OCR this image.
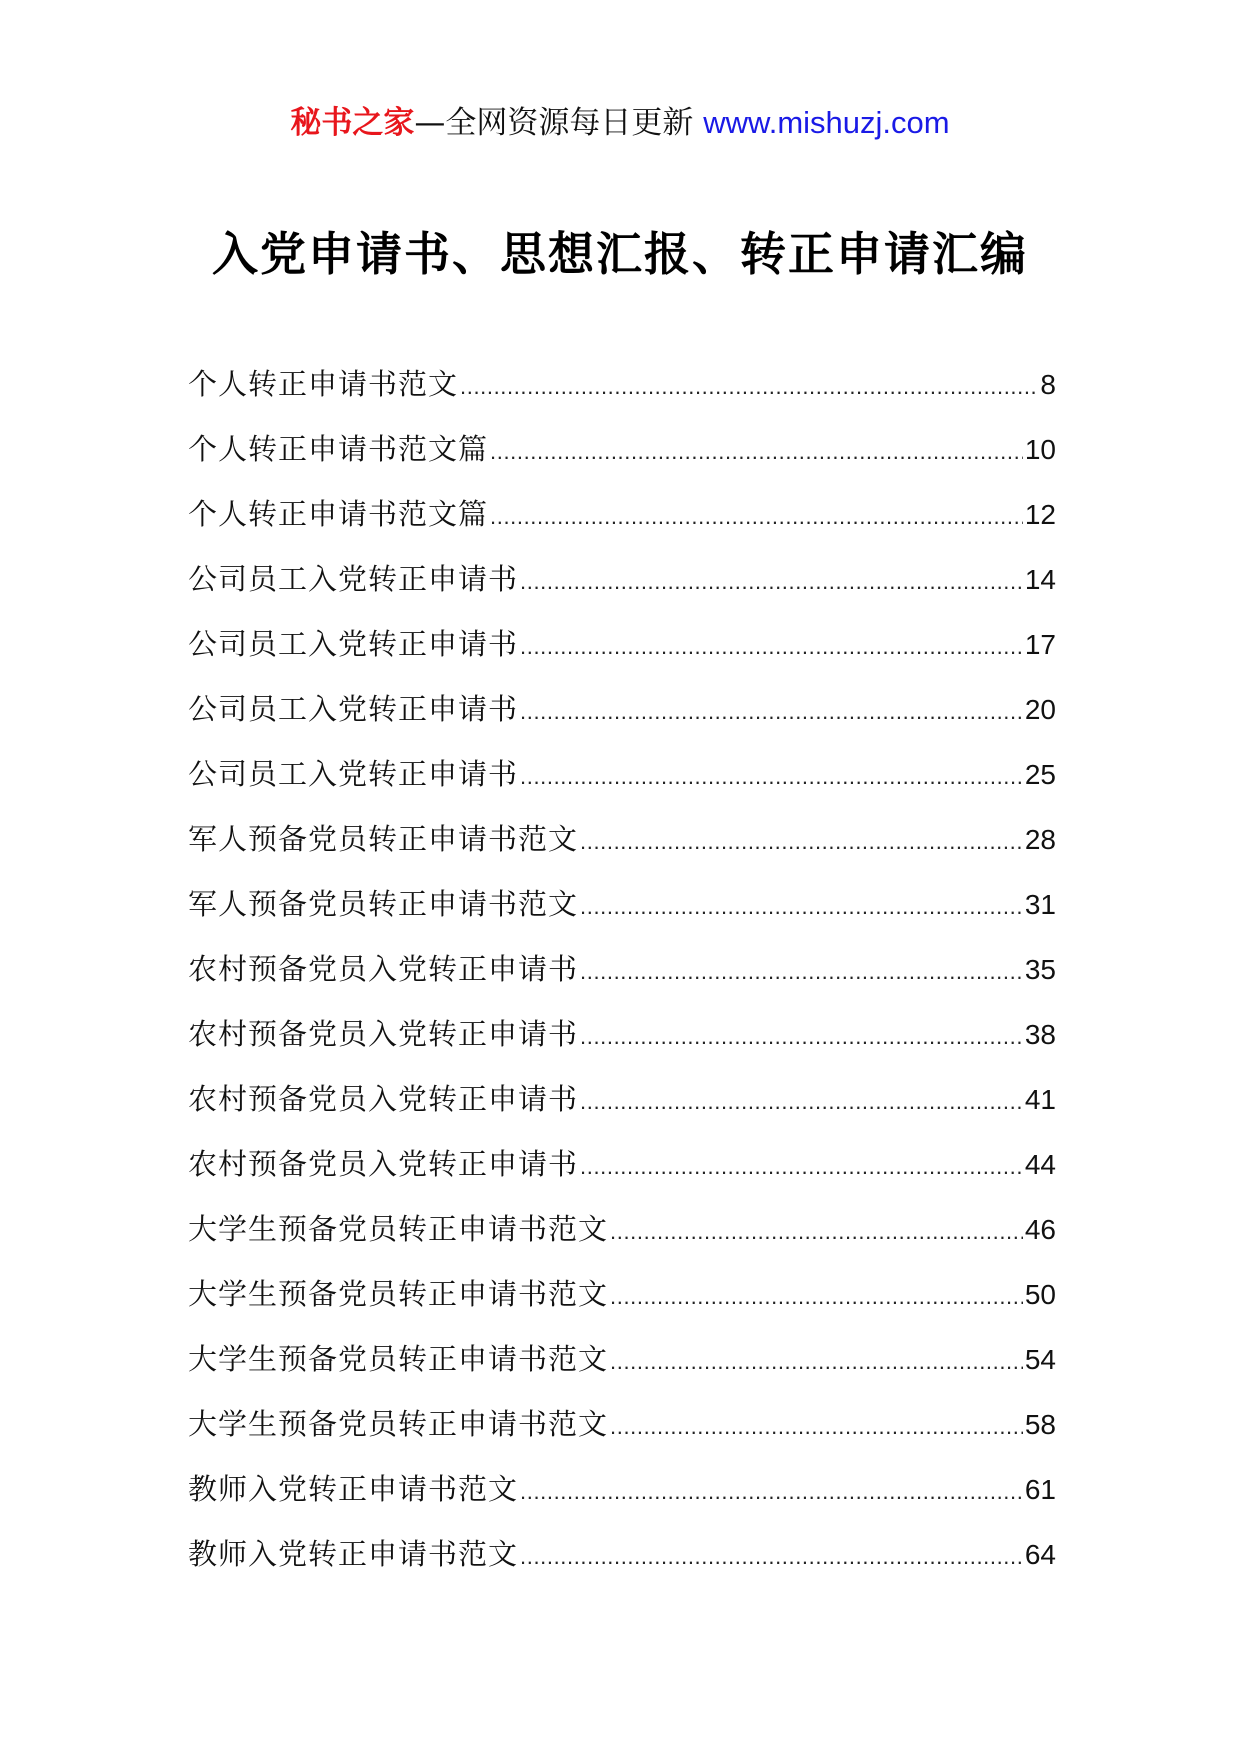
秘书之家—全网资源每日更新 www.mishuzj.com
入党申请书、思想汇报、转正申请汇编
个人转正申请书范文 .....	8
个人转正申请书范文篇 .....	10
个人转正申请书范文篇 .....	12
公司员工入党转正申请书 .....	14
公司员工入党转正申请书 .....	17
公司员工入党转正申请书 .....	20
公司员工入党转正申请书 .....	25
军人预备党员转正申请书范文 .....	28
军人预备党员转正申请书范文 .....	31
农村预备党员入党转正申请书 .....	35
农村预备党员入党转正申请书 .....	38
农村预备党员入党转正申请书 .....	41
农村预备党员入党转正申请书 .....	44
大学生预备党员转正申请书范文 .....	46
大学生预备党员转正申请书范文 .....	50
大学生预备党员转正申请书范文 .....	54
大学生预备党员转正申请书范文 .....	58
教师入党转正申请书范文 .....	61
教师入党转正申请书范文 .....	64
